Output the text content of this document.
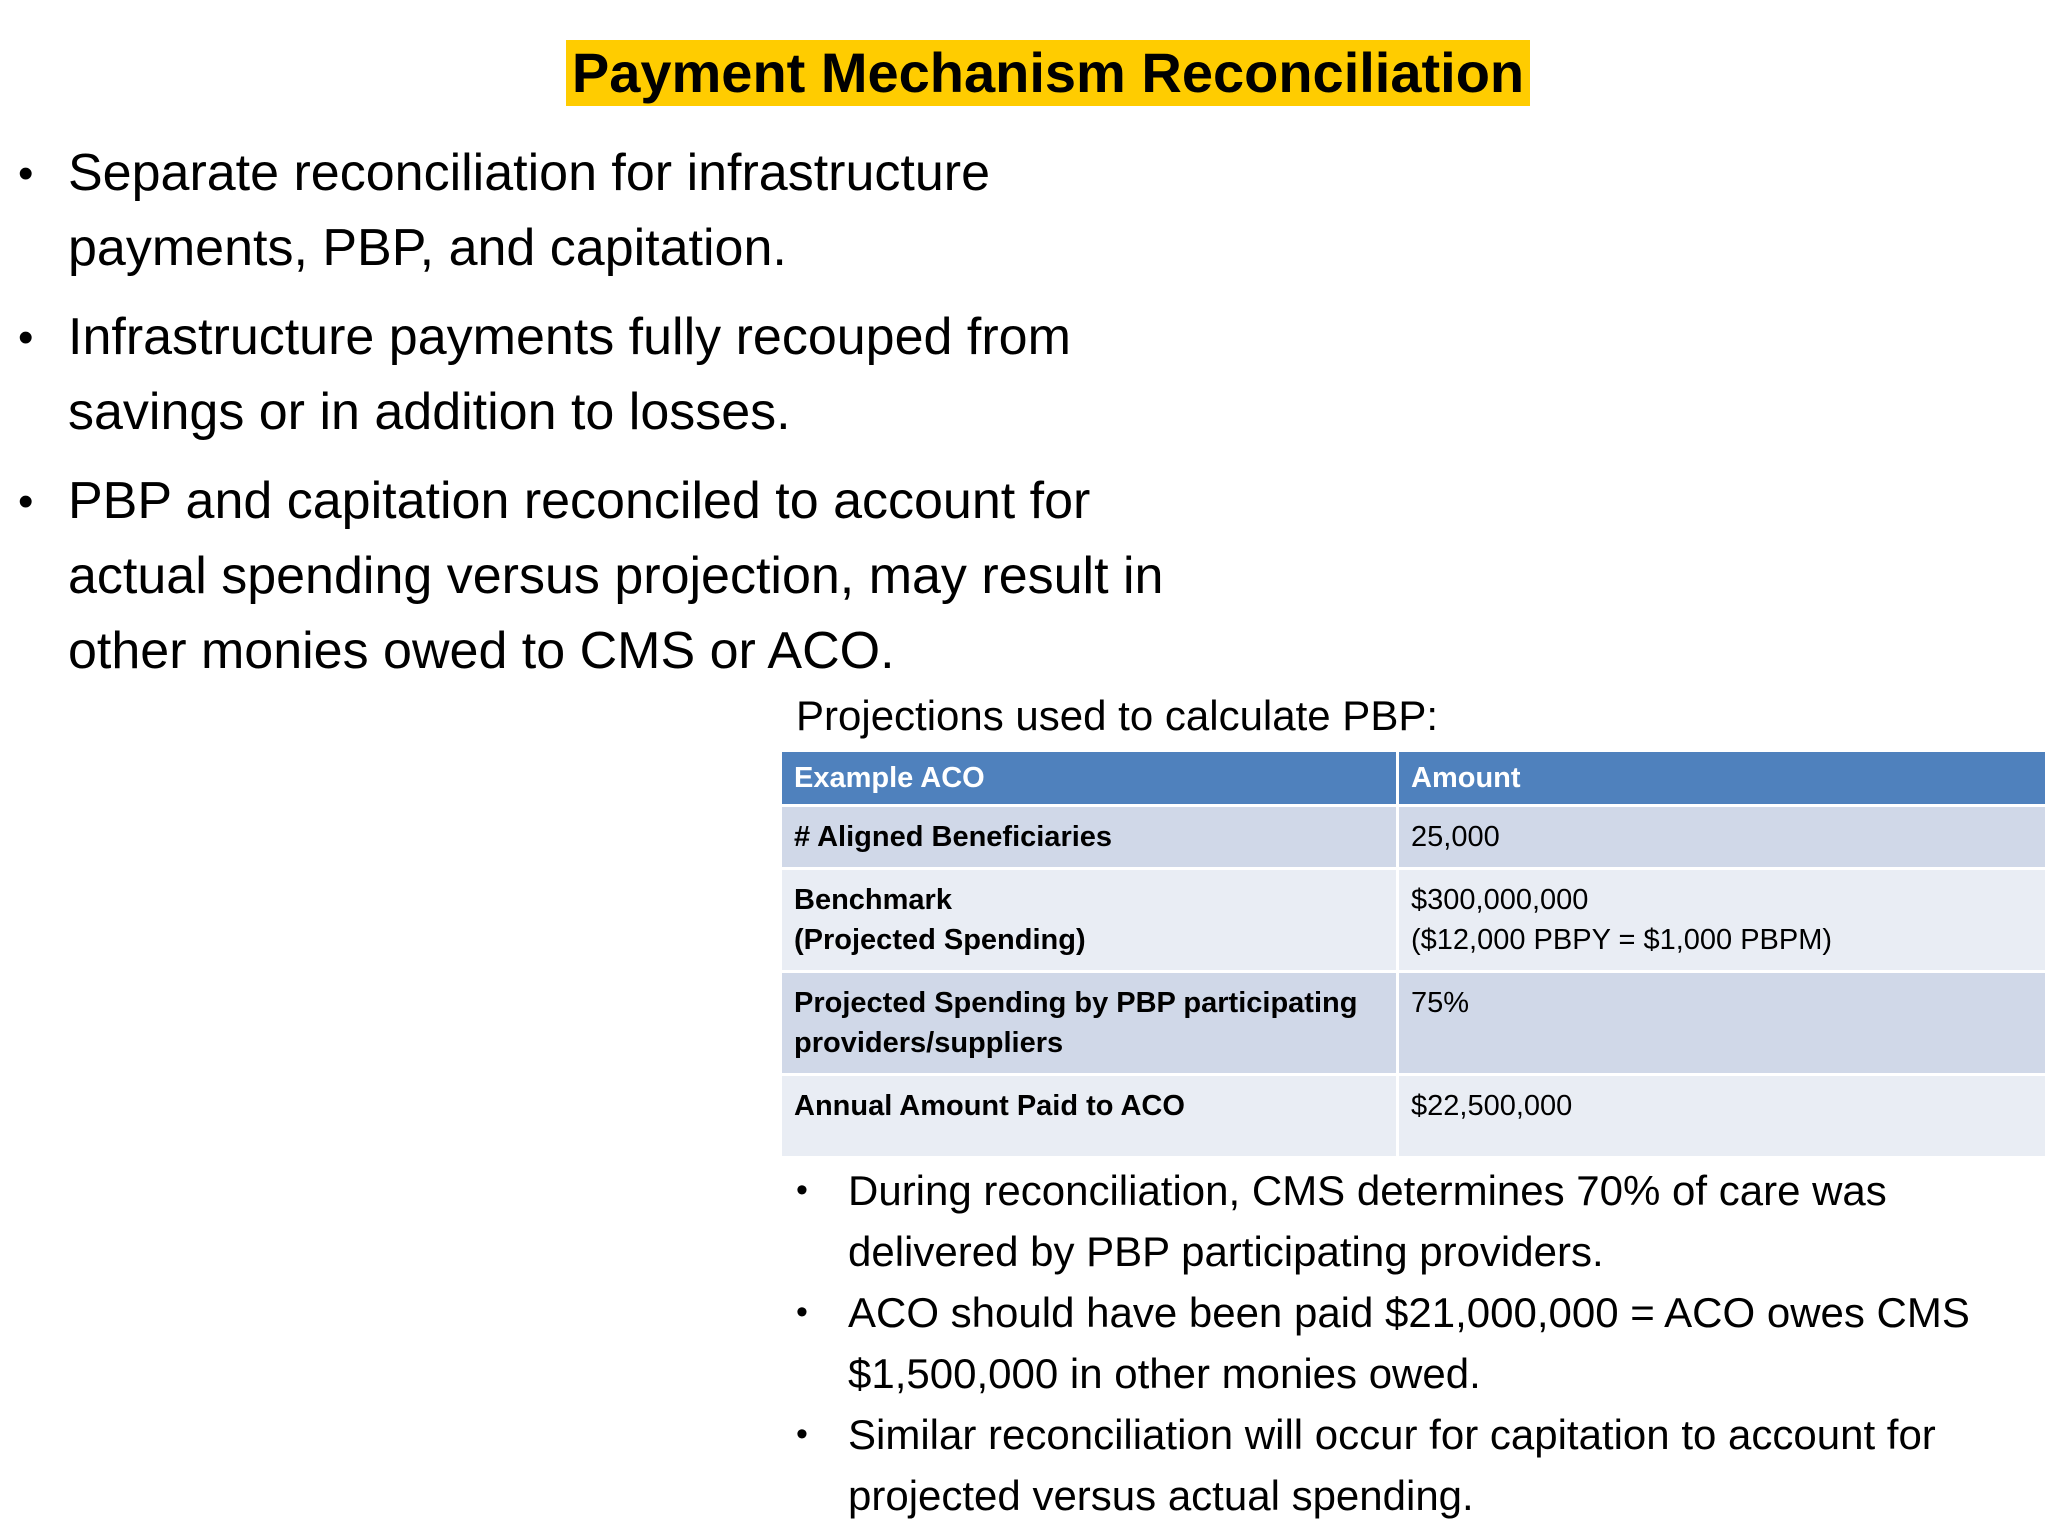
Payment Mechanism Reconciliation
• Separate reconciliation for infrastructure payments, PBP, and capitation.
• Infrastructure payments fully recouped from savings or in addition to losses.
• PBP and capitation reconciled to account for actual spending versus projection, may result in other monies owed to CMS or ACO.
Projections used to calculate PBP:
Example ACO	Amount
# Aligned Beneficiaries	25,000
Benchmark
(Projected Spending)	$300,000,000
($12,000 PBPY = $1,000 PBPM)
Projected Spending by PBP participating providers/suppliers	75%
Annual Amount Paid to ACO	$22,500,000
• During reconciliation, CMS determines 70% of care was delivered by PBP participating providers.
• ACO should have been paid $21,000,000 = ACO owes CMS $1,500,000 in other monies owed.
• Similar reconciliation will occur for capitation to account for projected versus actual spending.
